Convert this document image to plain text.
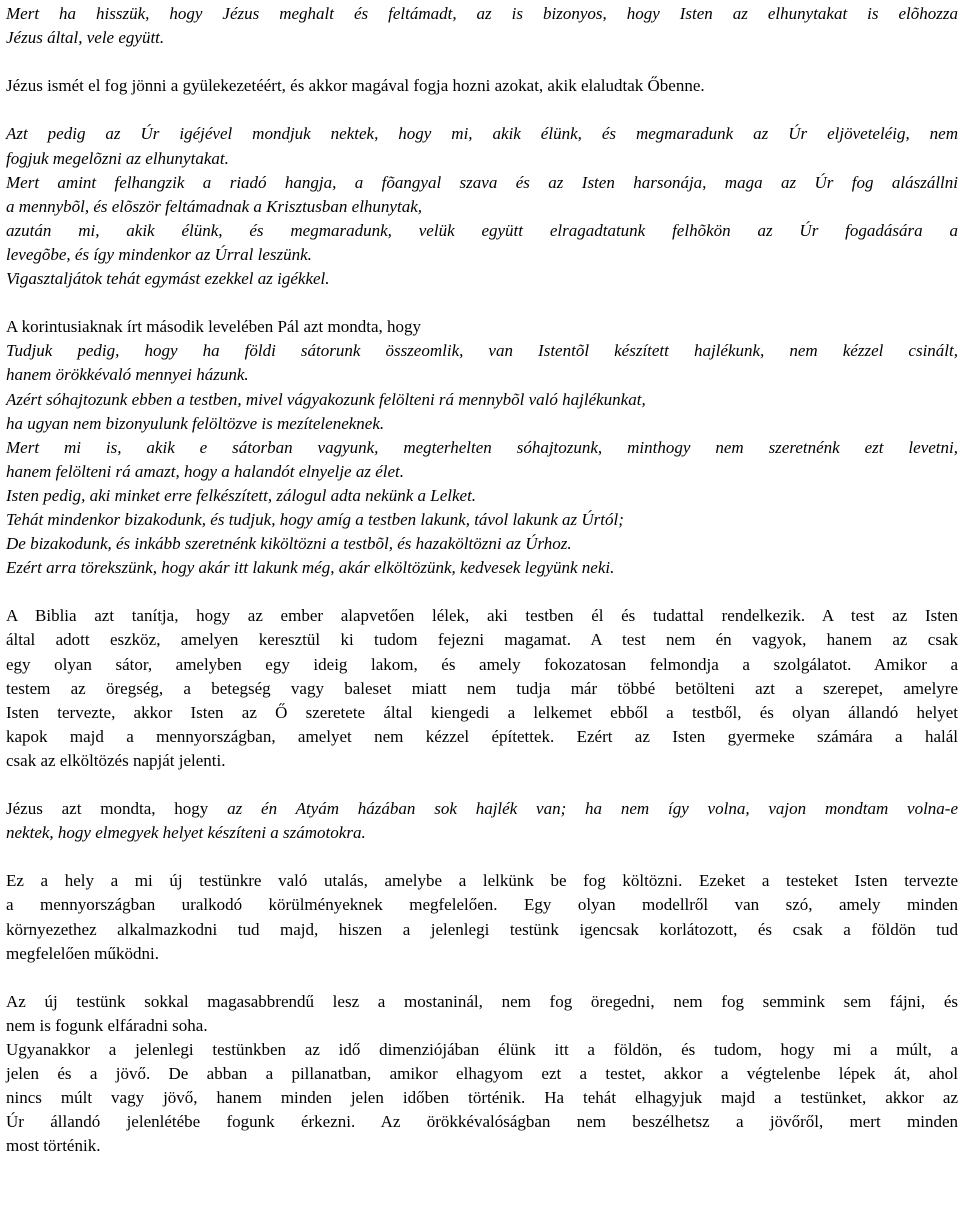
Mert ha hisszük, hogy Jézus meghalt és feltámadt, az is bizonyos, hogy Isten az elhunytakat is elõhozza
Jézus által, vele együtt.
Jézus ismét el fog jönni a gyülekezetéért, és akkor magával fogja hozni azokat, akik elaludtak Őbenne.
Azt pedig az Úr igéjével mondjuk nektek, hogy mi, akik élünk, és megmaradunk az Úr eljöveteléig, nem
fogjuk megelõzni az elhunytakat.
Mert amint felhangzik a riadó hangja, a fõangyal szava és az Isten harsonája, maga az Úr fog alászállni
a mennybõl, és elõször feltámadnak a Krisztusban elhunytak,
azután mi, akik élünk, és megmaradunk, velük együtt elragadtatunk felhõkön az Úr fogadására a
levegõbe, és így mindenkor az Úrral leszünk.
Vigasztaljátok tehát egymást ezekkel az igékkel.
A korintusiaknak írt második levelében Pál azt mondta, hogy
Tudjuk pedig, hogy ha földi sátorunk összeomlik, van Istentõl készített hajlékunk, nem kézzel csinált,
hanem örökkévaló mennyei házunk.
Azért sóhajtozunk ebben a testben, mivel vágyakozunk felölteni rá mennybõl való hajlékunkat,
ha ugyan nem bizonyulunk felöltözve is mezíteleneknek.
Mert mi is, akik e sátorban vagyunk, megterhelten sóhajtozunk, minthogy nem szeretnénk ezt levetni,
hanem felölteni rá amazt, hogy a halandót elnyelje az élet.
Isten pedig, aki minket erre felkészített, zálogul adta nekünk a Lelket.
Tehát mindenkor bizakodunk, és tudjuk, hogy amíg a testben lakunk, távol lakunk az Úrtól;
De bizakodunk, és inkább szeretnénk kiköltözni a testbõl, és hazaköltözni az Úrhoz.
Ezért arra törekszünk, hogy akár itt lakunk még, akár elköltözünk, kedvesek legyünk neki.
A Biblia azt tanítja, hogy az ember alapvetően lélek, aki testben él és tudattal rendelkezik. A test az Isten
által adott eszköz, amelyen keresztül ki tudom fejezni magamat. A test nem én vagyok, hanem az csak
egy olyan sátor, amelyben egy ideig lakom, és amely fokozatosan felmondja a szolgálatot. Amikor a
testem az öregség, a betegség vagy baleset miatt nem tudja már többé betölteni azt a szerepet, amelyre
Isten tervezte, akkor Isten az Ő szeretete által kiengedi a lelkemet ebből a testből, és olyan állandó helyet
kapok majd a mennyországban, amelyet nem kézzel építettek. Ezért az Isten gyermeke számára a halál
csak az elköltözés napját jelenti.
Jézus azt mondta, hogy az én Atyám házában sok hajlék van; ha nem így volna, vajon mondtam volna-e
nektek, hogy elmegyek helyet készíteni a számotokra.
Ez a hely a mi új testünkre való utalás, amelybe a lelkünk be fog költözni. Ezeket a testeket Isten tervezte
a mennyországban uralkodó körülményeknek megfelelően. Egy olyan modellről van szó, amely minden
környezethez alkalmazkodni tud majd, hiszen a jelenlegi testünk igencsak korlátozott, és csak a földön tud
megfelelően működni.
Az új testünk sokkal magasabbrendű lesz a mostaninál, nem fog öregedni, nem fog semmink sem fájni, és
nem is fogunk elfáradni soha.
Ugyanakkor a jelenlegi testünkben az idő dimenziójában élünk itt a földön, és tudom, hogy mi a múlt, a
jelen és a jövő. De abban a pillanatban, amikor elhagyom ezt a testet, akkor a végtelenbe lépek át, ahol
nincs múlt vagy jövő, hanem minden jelen időben történik. Ha tehát elhagyjuk majd a testünket, akkor az
Úr állandó jelenlétébe fogunk érkezni. Az örökkévalóságban nem beszélhetsz a jövőről, mert minden
most történik.
